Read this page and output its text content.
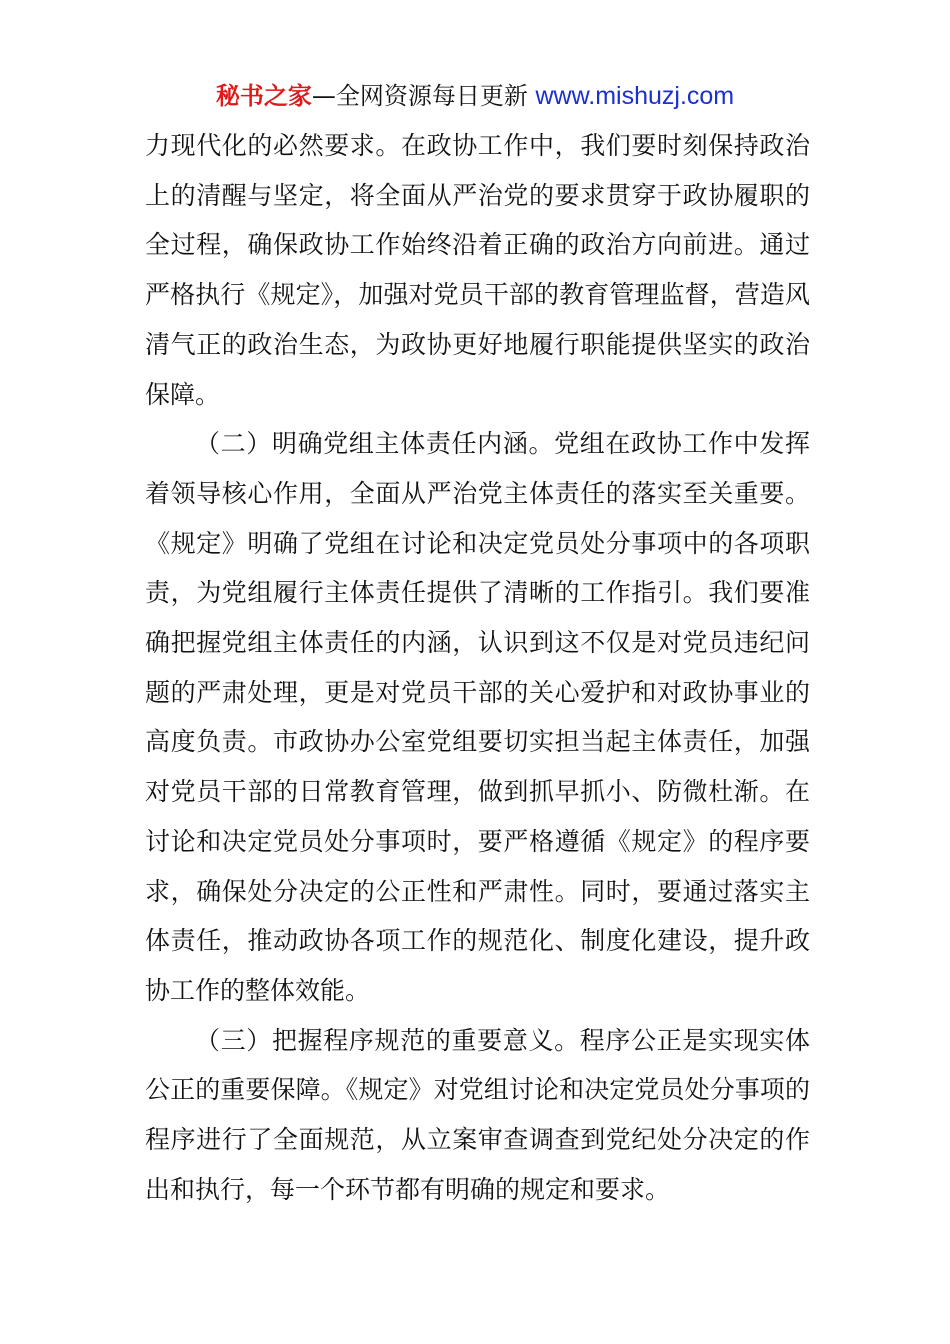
秘书之家—全网资源每日更新 www.mishuzj.com

力现代化的必然要求。在政协工作中，我们要时刻保持政治上的清醒与坚定，将全面从严治党的要求贯穿于政协履职的全过程，确保政协工作始终沿着正确的政治方向前进。通过严格执行《规定》，加强对党员干部的教育管理监督，营造风清气正的政治生态，为政协更好地履行职能提供坚实的政治保障。

（二）明确党组主体责任内涵。党组在政协工作中发挥着领导核心作用，全面从严治党主体责任的落实至关重要。《规定》明确了党组在讨论和决定党员处分事项中的各项职责，为党组履行主体责任提供了清晰的工作指引。我们要准确把握党组主体责任的内涵，认识到这不仅是对党员违纪问题的严肃处理，更是对党员干部的关心爱护和对政协事业的高度负责。市政协办公室党组要切实担当起主体责任，加强对党员干部的日常教育管理，做到抓早抓小、防微杜渐。在讨论和决定党员处分事项时，要严格遵循《规定》的程序要求，确保处分决定的公正性和严肃性。同时，要通过落实主体责任，推动政协各项工作的规范化、制度化建设，提升政协工作的整体效能。

（三）把握程序规范的重要意义。程序公正是实现实体公正的重要保障。《规定》对党组讨论和决定党员处分事项的程序进行了全面规范，从立案审查调查到党纪处分决定的作出和执行，每一个环节都有明确的规定和要求。
